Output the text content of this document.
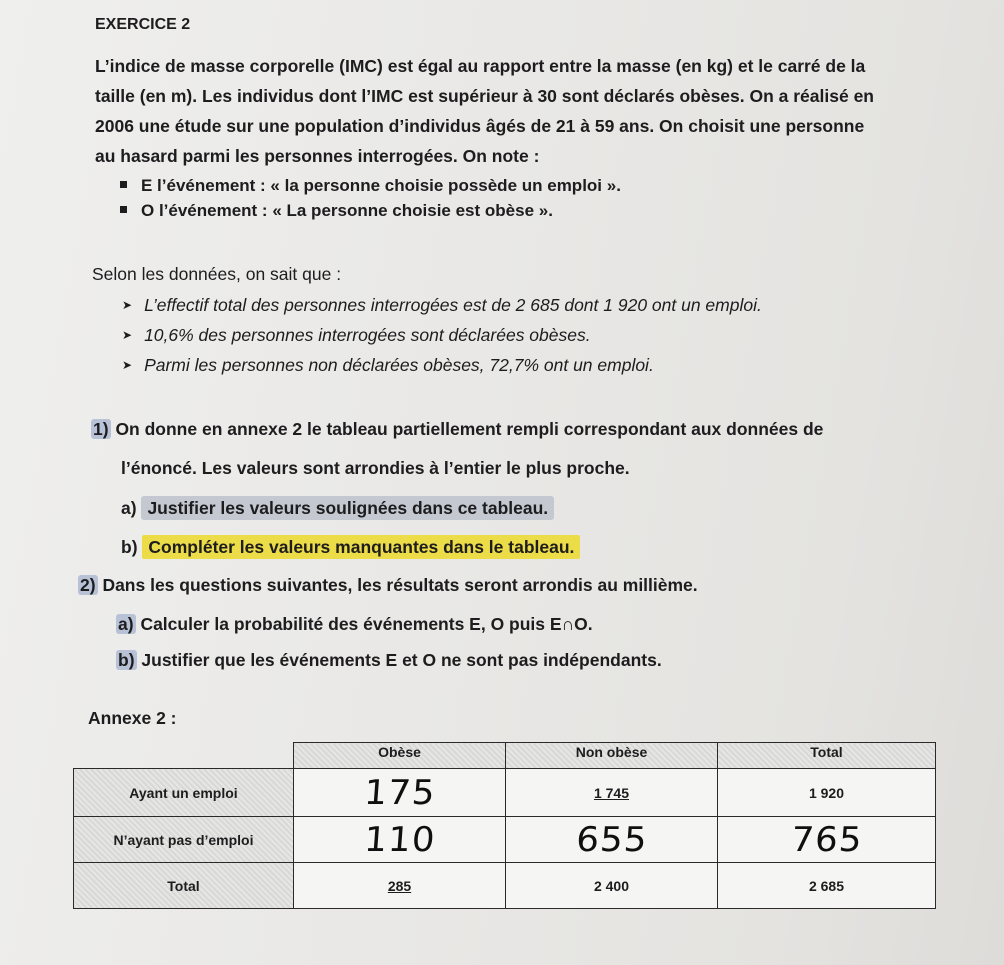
EXERCICE 2
L’indice de masse corporelle (IMC) est égal au rapport entre la masse (en kg) et le carré de la
taille (en m). Les individus dont l’IMC est supérieur à 30 sont déclarés obèses. On a réalisé en
2006 une étude sur une population d’individus âgés de 21 à 59 ans. On choisit une personne
au hasard parmi les personnes interrogées. On note :
E l’événement : « la personne choisie possède un emploi ».
O l’événement : « La personne choisie est obèse ».
Selon les données, on sait que :
➤ L’effectif total des personnes interrogées est de 2 685 dont 1 920 ont un emploi.
➤ 10,6% des personnes interrogées sont déclarées obèses.
➤ Parmi les personnes non déclarées obèses, 72,7% ont un emploi.
1) On donne en annexe 2 le tableau partiellement rempli correspondant aux données de
l’énoncé. Les valeurs sont arrondies à l’entier le plus proche.
a) Justifier les valeurs soulignées dans ce tableau.
b) Compléter les valeurs manquantes dans le tableau.
2) Dans les questions suivantes, les résultats seront arrondis au millième.
a) Calculer la probabilité des événements E, O puis E∩O.
b) Justifier que les événements E et O ne sont pas indépendants.
Annexe 2 :
	Obèse	Non obèse	Total
Ayant un emploi	175	1 745	1 920
N’ayant pas d’emploi	110	655	765
Total	285	2 400	2 685
